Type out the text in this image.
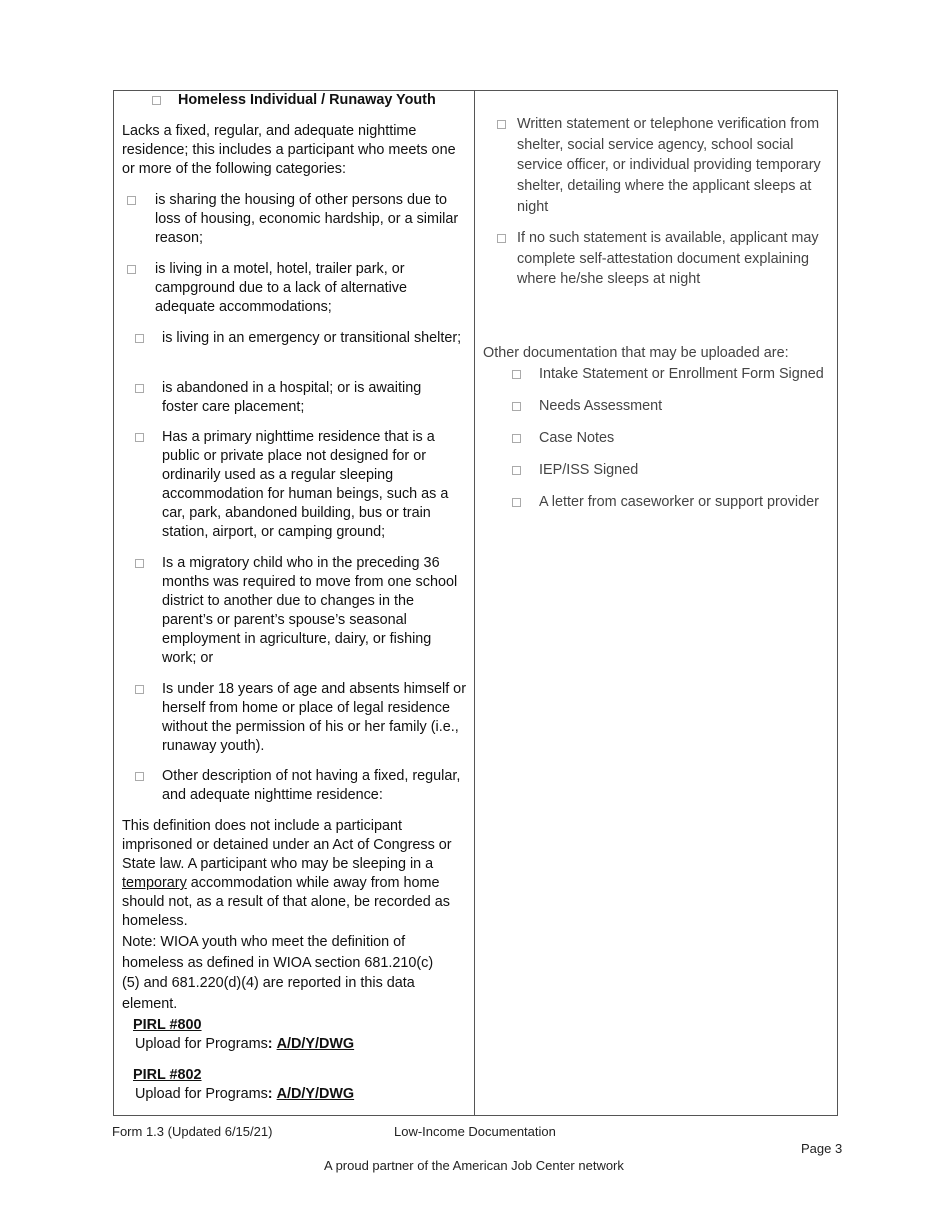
Homeless Individual / Runaway Youth
Lacks a fixed, regular, and adequate nighttime residence; this includes a participant who meets one or more of the following categories:
is sharing the housing of other persons due to loss of housing, economic hardship, or a similar reason;
is living in a motel, hotel, trailer park, or campground due to a lack of alternative adequate accommodations;
is living in an emergency or transitional shelter;
is abandoned in a hospital; or is awaiting foster care placement;
Has a primary nighttime residence that is a public or private place not designed for or ordinarily used as a regular sleeping accommodation for human beings, such as a car, park, abandoned building, bus or train station, airport, or camping ground;
Is a migratory child who in the preceding 36 months was required to move from one school district to another due to changes in the parent’s or parent’s spouse’s seasonal employment in agriculture, dairy, or fishing work; or
Is under 18 years of age and absents himself or herself from home or place of legal residence without the permission of his or her family (i.e., runaway youth).
Other description of not having a fixed, regular, and adequate nighttime residence:
This definition does not include a participant imprisoned or detained under an Act of Congress or State law. A participant who may be sleeping in a
temporary accommodation while away from home should not, as a result of that alone, be recorded as homeless.
Note: WIOA youth who meet the definition of homeless as defined in WIOA section 681.210(c)(5) and 681.220(d)(4) are reported in this data element.
PIRL #800
Upload for Programs: A/D/Y/DWG
PIRL #802
Upload for Programs: A/D/Y/DWG
Written statement or telephone verification from shelter, social service agency, school social service officer, or individual providing temporary shelter, detailing where the applicant sleeps at night
If no such statement is available, applicant may complete self-attestation document explaining where he/she sleeps at night
Other documentation that may be uploaded are:
Intake Statement or Enrollment Form Signed
Needs Assessment
Case Notes
IEP/ISS Signed
A letter from caseworker or support provider
Form 1.3 (Updated 6/15/21)	Low-Income Documentation
Page 3
A proud partner of the American Job Center network
